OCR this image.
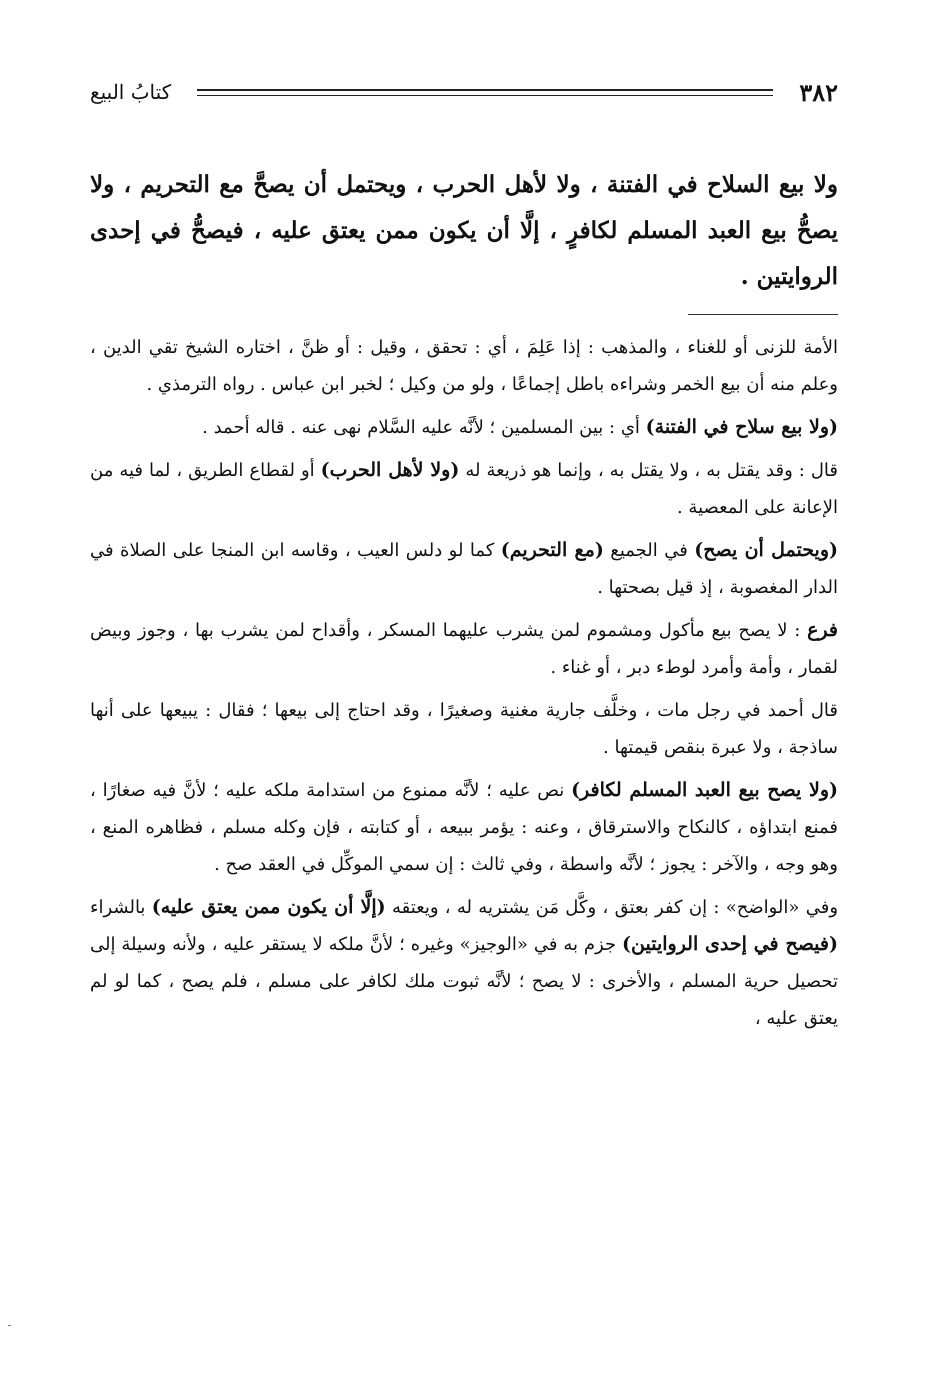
٣٨٢
كتابُ البيع
ولا بيع السلاح في الفتنة ، ولا لأهل الحرب ، ويحتمل أن يصحَّ مع التحريم ، ولا يصحُّ بيع العبد المسلم لكافرٍ ، إلَّا أن يكون ممن يعتق عليه ، فيصحُّ في إحدى الروايتين .

الأمة للزنى أو للغناء ، والمذهب : إذا عَلِمَ ، أي : تحقق ، وقيل : أو ظنَّ ، اختاره الشيخ تقي الدين ، وعلم منه أن بيع الخمر وشراءه باطل إجماعًا ، ولو من وكيل ؛ لخبر ابن عباس . رواه الترمذي .

(ولا بيع سلاح في الفتنة) أي : بين المسلمين ؛ لأنَّه عليه السَّلام نهى عنه . قاله أحمد .

قال : وقد يقتل به ، ولا يقتل به ، وإنما هو ذريعة له (ولا لأهل الحرب) أو لقطاع الطريق ، لما فيه من الإعانة على المعصية .

(ويحتمل أن يصح) في الجميع (مع التحريم) كما لو دلس العيب ، وقاسه ابن المنجا على الصلاة في الدار المغصوبة ، إذ قيل بصحتها .

فرع : لا يصح بيع مأكول ومشموم لمن يشرب عليهما المسكر ، وأقداح لمن يشرب بها ، وجوز وبيض لقمار ، وأمة وأمرد لوطء دبر ، أو غناء .

قال أحمد في رجل مات ، وخلَّف جارية مغنية وصغيرًا ، وقد احتاج إلى بيعها ؛ فقال : يبيعها على أنها ساذجة ، ولا عبرة بنقص قيمتها .

(ولا يصح بيع العبد المسلم لكافر) نص عليه ؛ لأنَّه ممنوع من استدامة ملكه عليه ؛ لأنَّ فيه صغارًا ، فمنع ابتداؤه ، كالنكاح والاسترقاق ، وعنه : يؤمر ببيعه ، أو كتابته ، فإن وكله مسلم ، فظاهره المنع ، وهو وجه ، والآخر : يجوز ؛ لأنَّه واسطة ، وفي ثالث : إن سمي الموكِّل في العقد صح .

وفي «الواضح» : إن كفر بعتق ، وكَّل مَن يشتريه له ، ويعتقه (إلَّا أن يكون ممن يعتق عليه) بالشراء (فيصح في إحدى الروايتين) جزم به في «الوجيز» وغيره ؛ لأنَّ ملكه لا يستقر عليه ، ولأنه وسيلة إلى تحصيل حرية المسلم ، والأخرى : لا يصح ؛ لأنَّه ثبوت ملك لكافر على مسلم ، فلم يصح ، كما لو لم يعتق عليه ،
